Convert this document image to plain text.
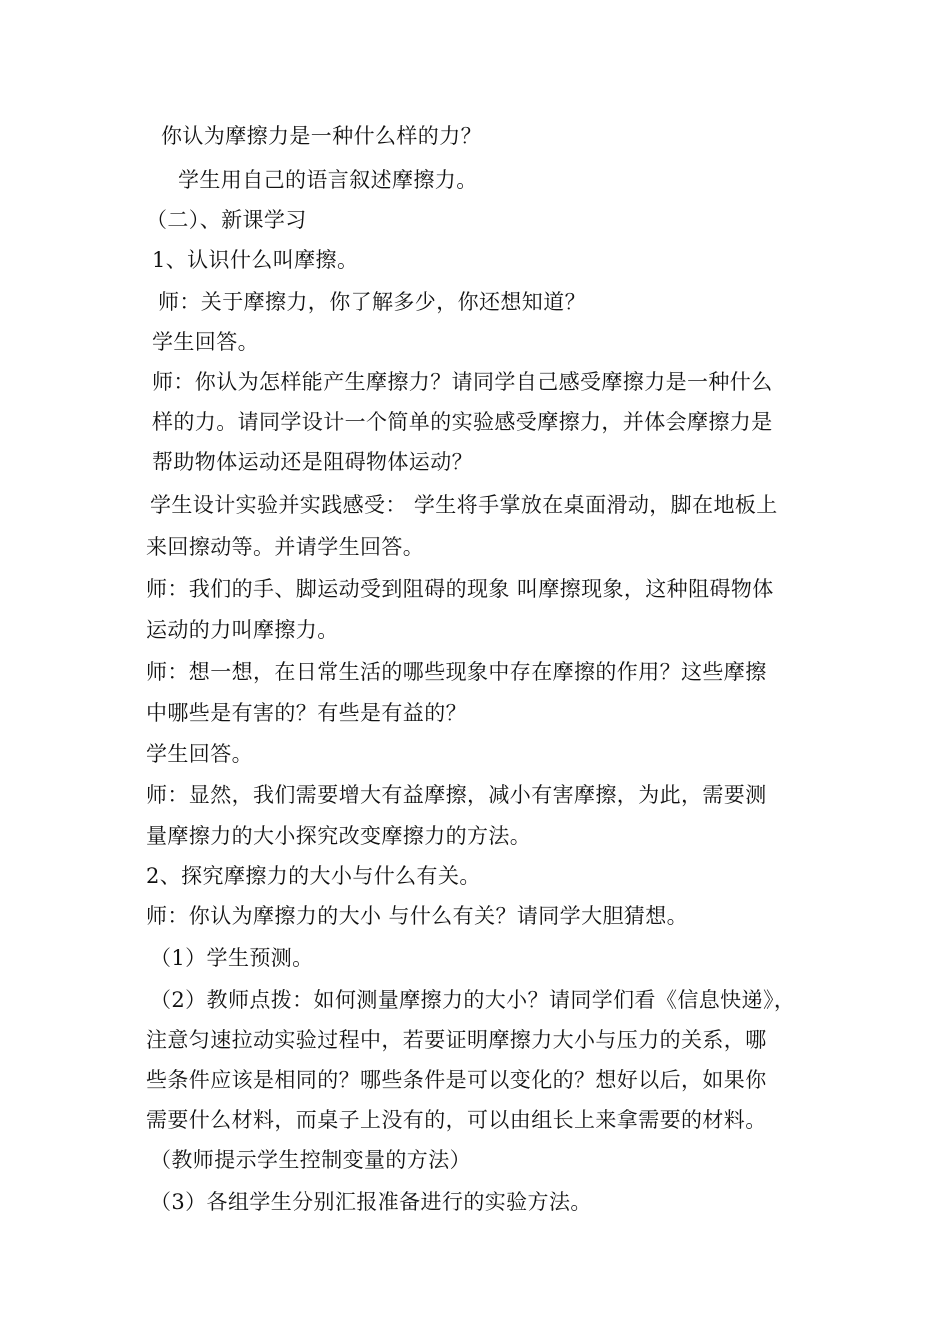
你认为摩擦力是一种什么样的力？
学生用自己的语言叙述摩擦力。
（二）、新课学习
1、认识什么叫摩擦。
师：关于摩擦力，你了解多少，你还想知道？
学生回答。
师：你认为怎样能产生摩擦力？请同学自己感受摩擦力是一种什么
样的力。请同学设计一个简单的实验感受摩擦力，并体会摩擦力是
帮助物体运动还是阻碍物体运动？
学生设计实验并实践感受： 学生将手掌放在桌面滑动，脚在地板上
来回擦动等。并请学生回答。
师：我们的手、脚运动受到阻碍的现象 叫摩擦现象，这种阻碍物体
运动的力叫摩擦力。
师：想一想，在日常生活的哪些现象中存在摩擦的作用？这些摩擦
中哪些是有害的？有些是有益的？
学生回答。
师：显然，我们需要增大有益摩擦，减小有害摩擦，为此，需要测
量摩擦力的大小探究改变摩擦力的方法。
2、探究摩擦力的大小与什么有关。
师：你认为摩擦力的大小 与什么有关？请同学大胆猜想。
（1）学生预测。
（2）教师点拨：如何测量摩擦力的大小？请同学们看《信息快递》，
注意匀速拉动实验过程中，若要证明摩擦力大小与压力的关系，哪
些条件应该是相同的？哪些条件是可以变化的？想好以后，如果你
需要什么材料，而桌子上没有的，可以由组长上来拿需要的材料。
（教师提示学生控制变量的方法）
（3）各组学生分别汇报准备进行的实验方法。
